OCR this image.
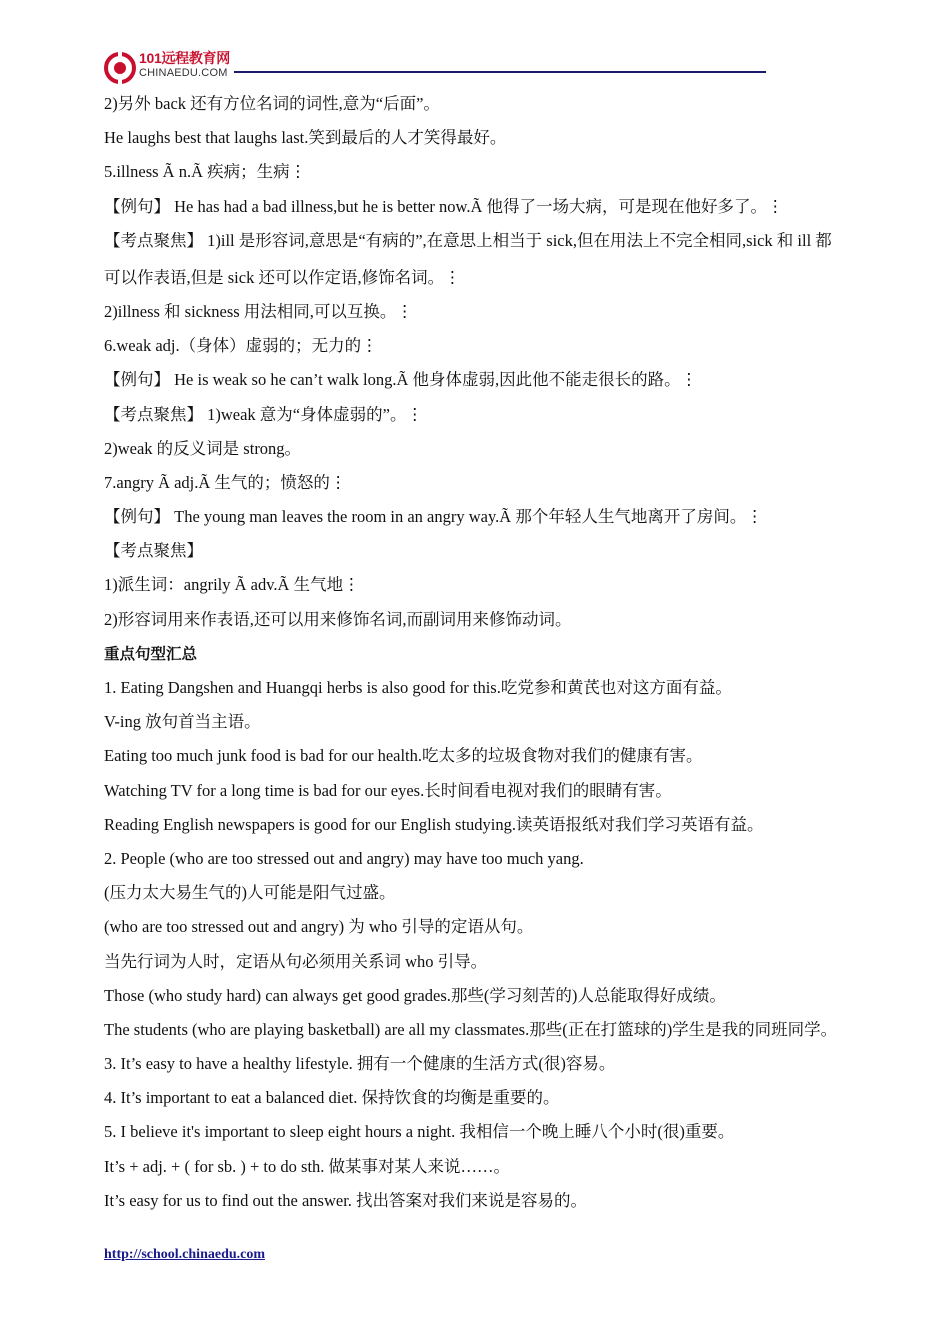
101远程教育网
CHINAEDU.COM
2)另外 back 还有方位名词的词性,意为“后面”。
He laughs best that laughs last.笑到最后的人才笑得最好。
5.illness Ã n.Ã 疾病；生病⋮
【例句】 He has had a bad illness,but he is better now.Ã 他得了一场大病，可是现在他好多了。⋮
【考点聚焦】 1)ill 是形容词,意思是“有病的”,在意思上相当于 sick,但在用法上不完全相同,sick 和 ill 都
可以作表语,但是 sick 还可以作定语,修饰名词。⋮
2)illness 和 sickness 用法相同,可以互换。⋮
6.weak adj.（身体）虚弱的；无力的⋮
【例句】 He is weak so he can’t walk long.Ã 他身体虚弱,因此他不能走很长的路。⋮
【考点聚焦】 1)weak 意为“身体虚弱的”。⋮
2)weak 的反义词是 strong。
7.angry Ã adj.Ã 生气的；愤怒的⋮
【例句】 The young man leaves the room in an angry way.Ã 那个年轻人生气地离开了房间。⋮
【考点聚焦】
1)派生词：angrily Ã adv.Ã 生气地⋮
2)形容词用来作表语,还可以用来修饰名词,而副词用来修饰动词。
重点句型汇总
1. Eating Dangshen and Huangqi herbs is also good for this.吃党参和黄芪也对这方面有益。
V-ing 放句首当主语。
Eating too much junk food is bad for our health.吃太多的垃圾食物对我们的健康有害。
Watching TV for a long time is bad for our eyes.长时间看电视对我们的眼睛有害。
Reading English newspapers is good for our English studying.读英语报纸对我们学习英语有益。
2. People (who are too stressed out and angry) may have too much yang.
(压力太大易生气的)人可能是阳气过盛。
(who are too stressed out and angry) 为 who 引导的定语从句。
当先行词为人时，定语从句必须用关系词 who 引导。
Those (who study hard) can always get good grades.那些(学习刻苦的)人总能取得好成绩。
The students (who are playing basketball) are all my classmates.那些(正在打篮球的)学生是我的同班同学。
3. It’s easy to have a healthy lifestyle. 拥有一个健康的生活方式(很)容易。
4. It’s important to eat a balanced diet. 保持饮食的均衡是重要的。
5. I believe it's important to sleep eight hours a night. 我相信一个晚上睡八个小时(很)重要。
It’s + adj. + ( for sb. ) + to do sth. 做某事对某人来说……。
It’s easy for us to find out the answer. 找出答案对我们来说是容易的。
http://school.chinaedu.com
